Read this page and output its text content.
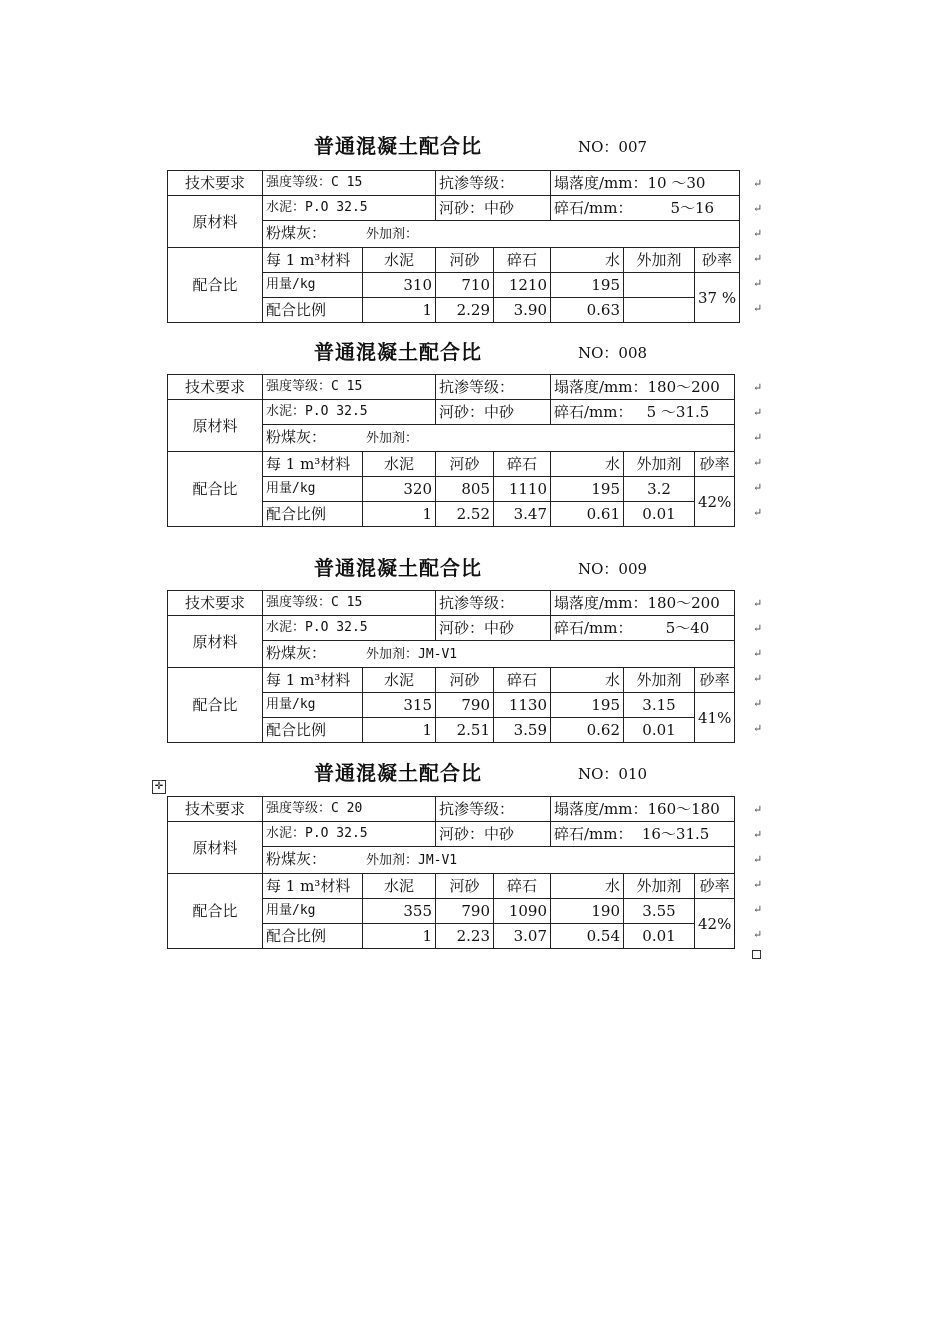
普通混凝土配合比	NO：007
技术要求	强度等级：C 15		抗渗等级：		塌落度/mm：10 ～30		
原材料	水泥：P.O 32.5		河砂：中砂		碎石/mm： 5～16		

	粉煤灰： 外加剂：						
配合比	每 1 m³材料	水泥	河砂	碎石	水	外加剂	砂率
	用量/kg	310	710	1210	195		37 %
	配合比例	1	2.29	3.90	0.63		
↵
↵
↵
↵
↵
↵
普通混凝土配合比	NO：008
技术要求	强度等级：C 15		抗渗等级：		塌落度/mm：180～200		
原材料	水泥：P.O 32.5		河砂：中砂		碎石/mm： 5 ～31.5		

	粉煤灰： 外加剂：						
配合比	每 1 m³材料	水泥	河砂	碎石	水	外加剂	砂率
	用量/kg	320	805	1110	195	3.2	42%
	配合比例	1	2.52	3.47	0.61	0.01	
↵
↵
↵
↵
↵
↵
普通混凝土配合比	NO：009
技术要求	强度等级：C 15		抗渗等级：		塌落度/mm：180～200		
原材料	水泥：P.O 32.5		河砂：中砂		碎石/mm： 5～40		

	粉煤灰： 外加剂：JM-V1						
配合比	每 1 m³材料	水泥	河砂	碎石	水	外加剂	砂率
	用量/kg	315	790	1130	195	3.15	41%
	配合比例	1	2.51	3.59	0.62	0.01	
↵
↵
↵
↵
↵
↵
普通混凝土配合比	NO：010
✛
技术要求	强度等级：C 20		抗渗等级：		塌落度/mm：160～180		
原材料	水泥：P.O 32.5		河砂：中砂		碎石/mm： 16～31.5		

	粉煤灰： 外加剂：JM-V1						
配合比	每 1 m³材料	水泥	河砂	碎石	水	外加剂	砂率
	用量/kg	355	790	1090	190	3.55	42%
	配合比例	1	2.23	3.07	0.54	0.01	
↵
↵
↵
↵
↵
↵
